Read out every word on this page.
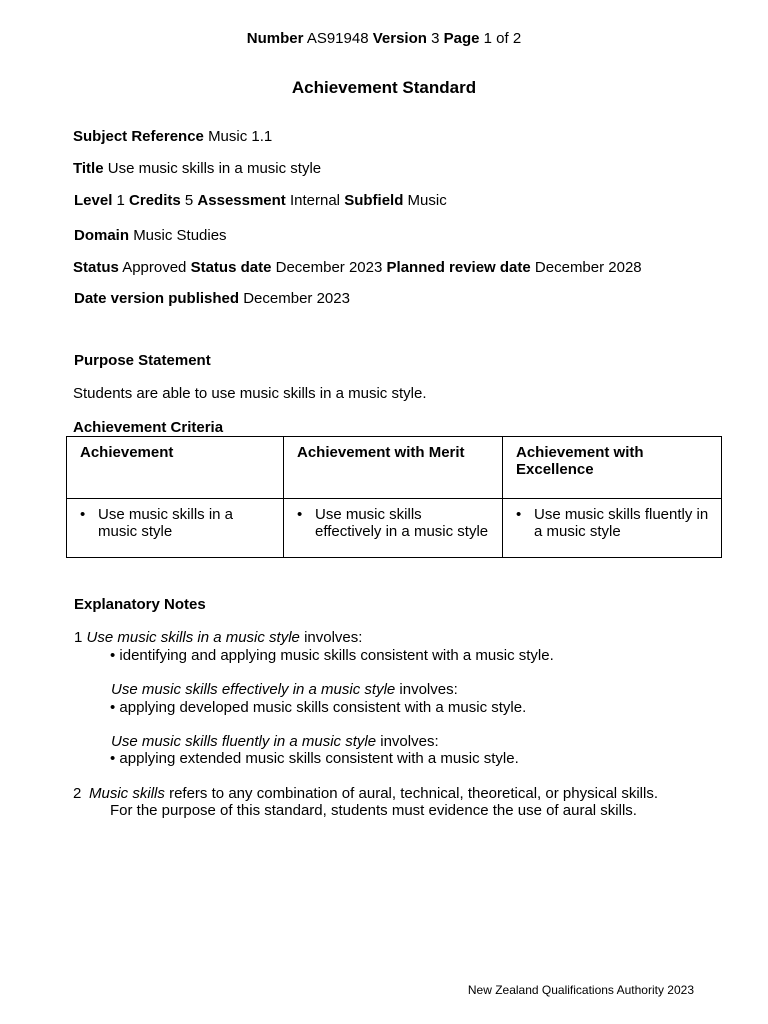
Number AS91948 Version 3 Page 1 of 2
Achievement Standard
Subject Reference Music 1.1
Title Use music skills in a music style
Level 1 Credits 5 Assessment Internal Subfield Music
Domain Music Studies
Status Approved Status date December 2023 Planned review date December 2028
Date version published December 2023
Purpose Statement
Students are able to use music skills in a music style.
Achievement Criteria
Achievement	Achievement with Merit	Achievement with Excellence

• Use music skills in a music style	• Use music skills effectively in a music style	• Use music skills fluently in a music style
Explanatory Notes
1 Use music skills in a music style involves:
• identifying and applying music skills consistent with a music style.
Use music skills effectively in a music style involves:
• applying developed music skills consistent with a music style.
Use music skills fluently in a music style involves:
• applying extended music skills consistent with a music style.
2 Music skills refers to any combination of aural, technical, theoretical, or physical skills. For the purpose of this standard, students must evidence the use of aural skills.
New Zealand Qualifications Authority 2023
